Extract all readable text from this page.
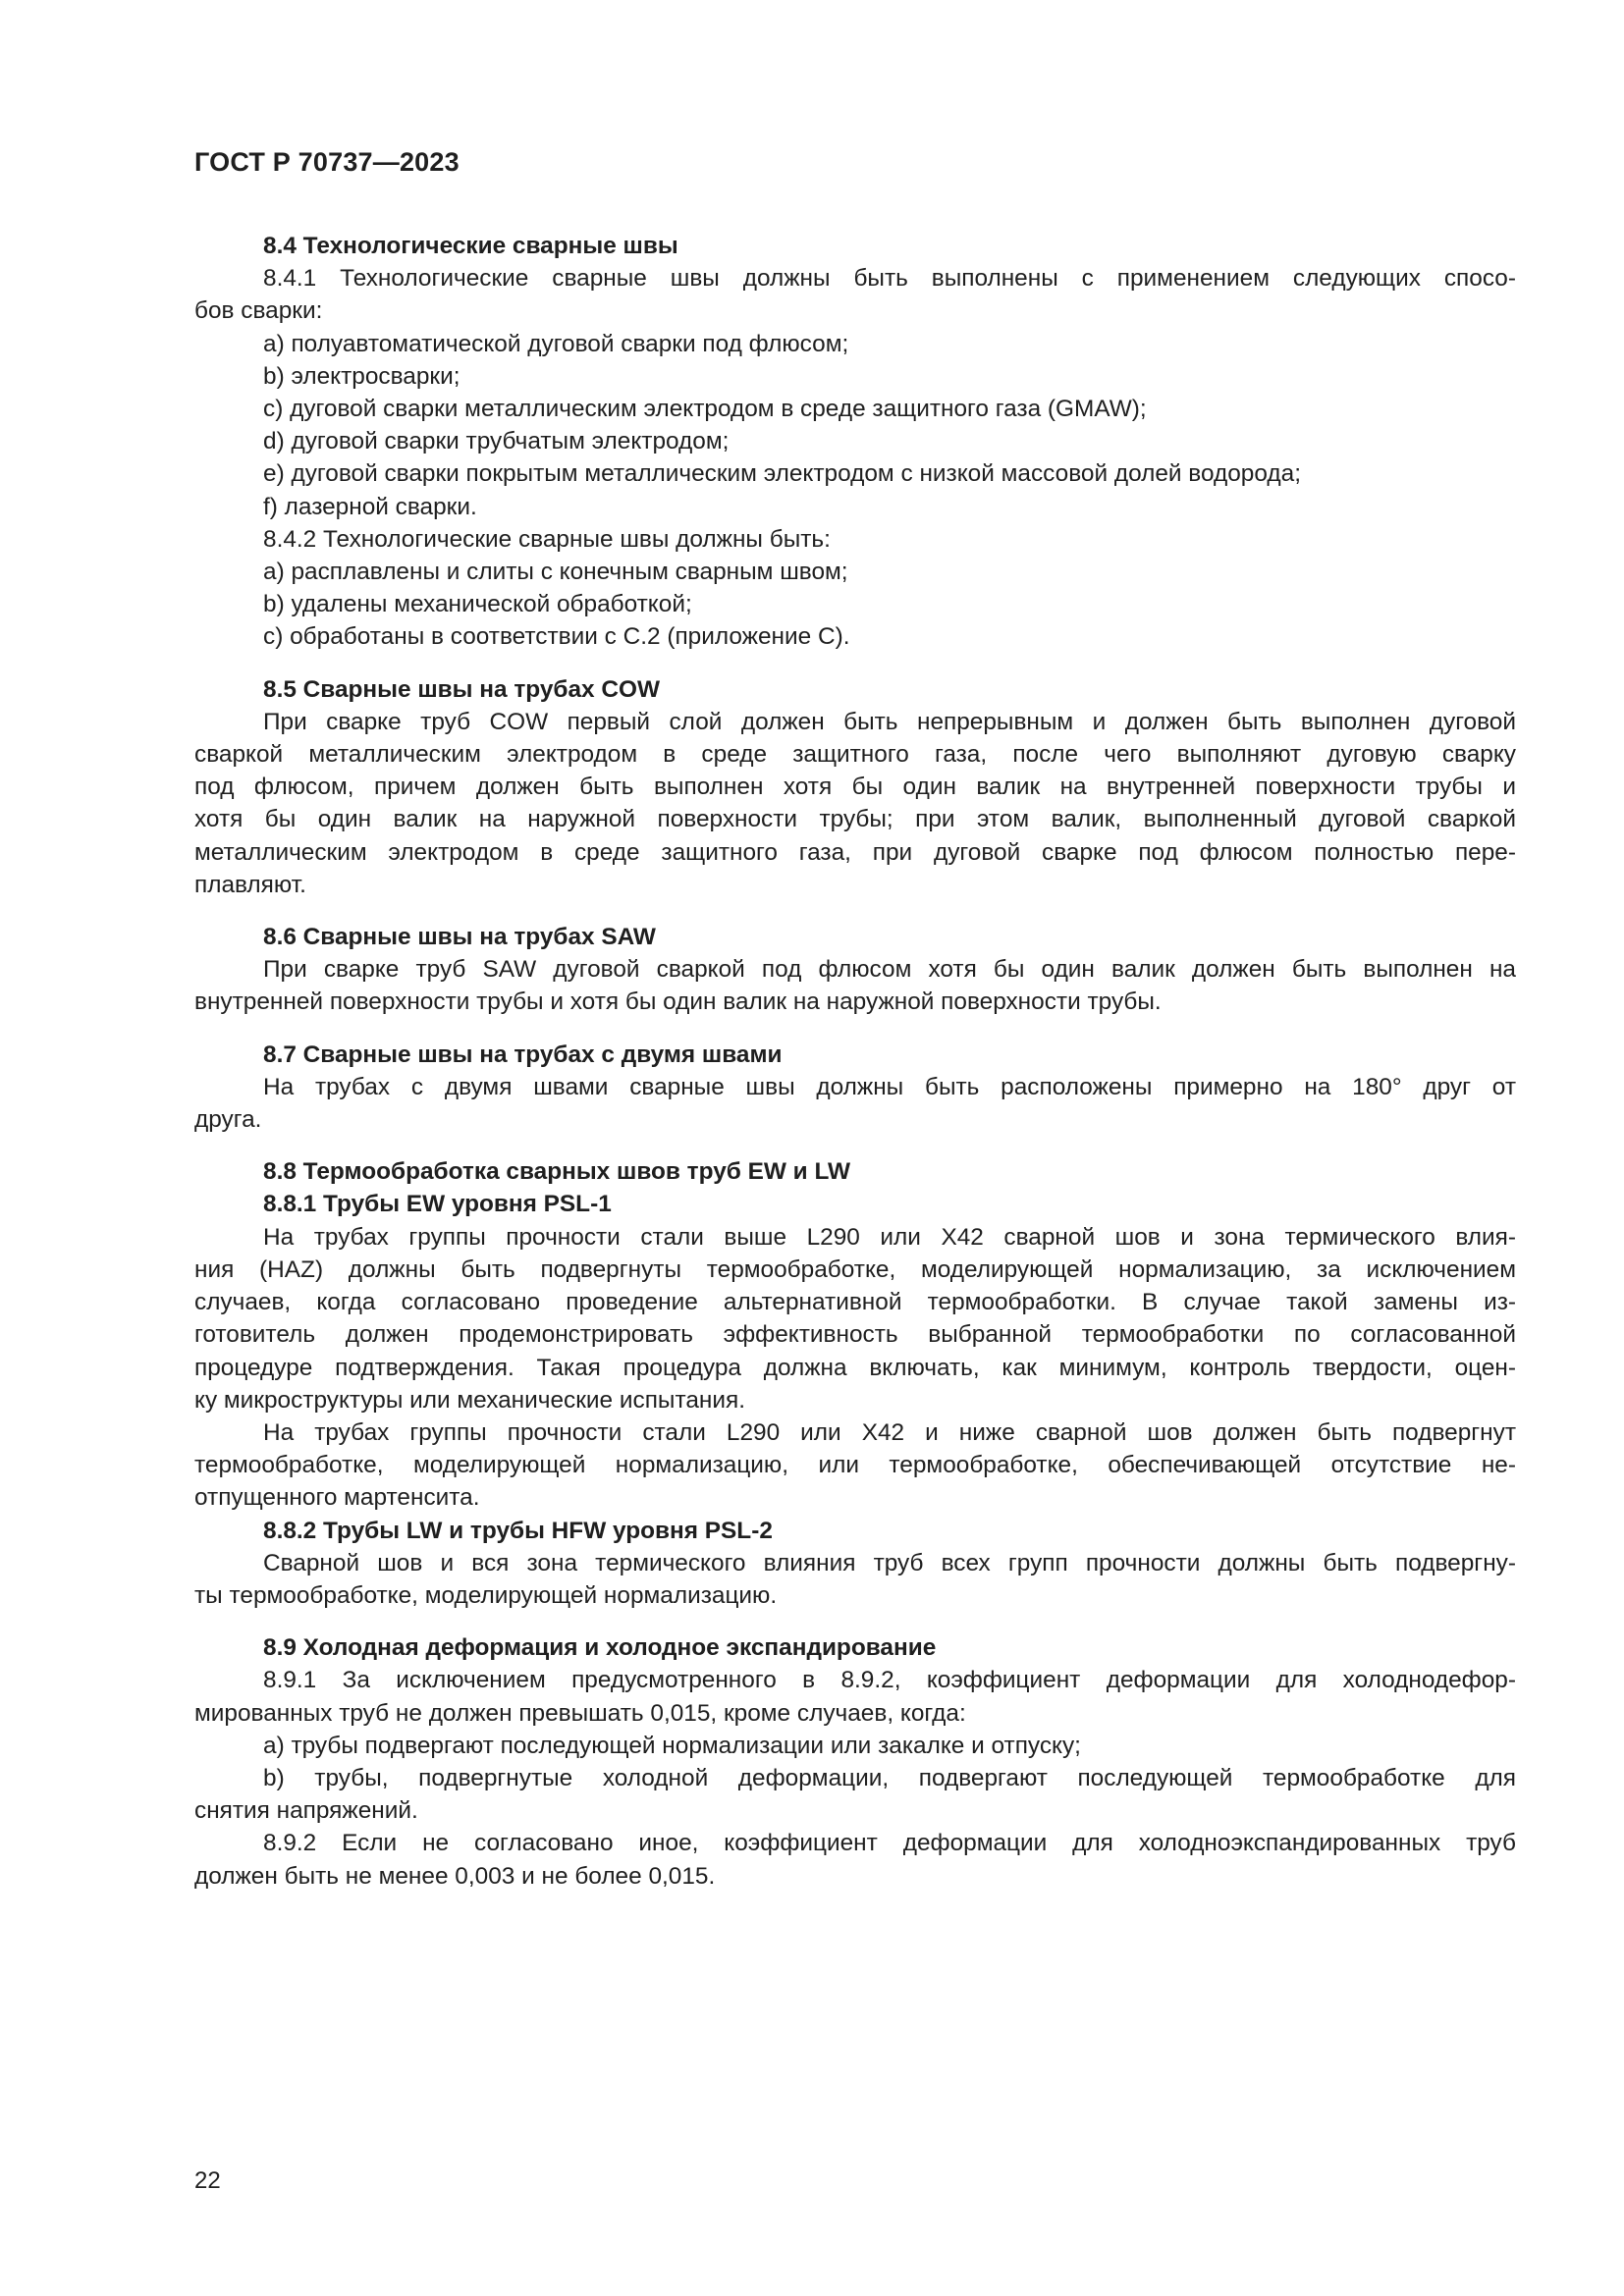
ГОСТ Р 70737—2023

8.4 Технологические сварные швы

8.4.1 Технологические сварные швы должны быть выполнены с применением следующих спосо-

бов сварки:

a) полуавтоматической дуговой сварки под флюсом;

b) электросварки;

c) дуговой сварки металлическим электродом в среде защитного газа (GMAW);

d) дуговой сварки трубчатым электродом;

e) дуговой сварки покрытым металлическим электродом с низкой массовой долей водорода;

f) лазерной сварки.

8.4.2 Технологические сварные швы должны быть:

a) расплавлены и слиты с конечным сварным швом;

b) удалены механической обработкой;

c) обработаны в соответствии с С.2 (приложение С).

8.5 Сварные швы на трубах COW

При сварке труб COW первый слой должен быть непрерывным и должен быть выполнен дуговой

сваркой металлическим электродом в среде защитного газа, после чего выполняют дуговую сварку

под флюсом, причем должен быть выполнен хотя бы один валик на внутренней поверхности трубы и

хотя бы один валик на наружной поверхности трубы; при этом валик, выполненный дуговой сваркой

металлическим электродом в среде защитного газа, при дуговой сварке под флюсом полностью пере-

плавляют.

8.6 Сварные швы на трубах SAW

При сварке труб SAW дуговой сваркой под флюсом хотя бы один валик должен быть выполнен на

внутренней поверхности трубы и хотя бы один валик на наружной поверхности трубы.

8.7 Сварные швы на трубах с двумя швами

На трубах с двумя швами сварные швы должны быть расположены примерно на 180° друг от

друга.

8.8 Термообработка сварных швов труб EW и LW

8.8.1 Трубы EW уровня PSL-1

На трубах группы прочности стали выше L290 или X42 сварной шов и зона термического влия-

ния (HAZ) должны быть подвергнуты термообработке, моделирующей нормализацию, за исключением

случаев, когда согласовано проведение альтернативной термообработки. В случае такой замены из-

готовитель должен продемонстрировать эффективность выбранной термообработки по согласованной

процедуре подтверждения. Такая процедура должна включать, как минимум, контроль твердости, оцен-

ку микроструктуры или механические испытания.

На трубах группы прочности стали L290 или X42 и ниже сварной шов должен быть подвергнут

термообработке, моделирующей нормализацию, или термообработке, обеспечивающей отсутствие не-

отпущенного мартенсита.

8.8.2 Трубы LW и трубы HFW уровня PSL-2

Сварной шов и вся зона термического влияния труб всех групп прочности должны быть подвергну-

ты термообработке, моделирующей нормализацию.

8.9 Холодная деформация и холодное экспандирование

8.9.1 За исключением предусмотренного в 8.9.2, коэффициент деформации для холоднодефор-

мированных труб не должен превышать 0,015, кроме случаев, когда:

a) трубы подвергают последующей нормализации или закалке и отпуску;

b) трубы, подвергнутые холодной деформации, подвергают последующей термообработке для

снятия напряжений.

8.9.2 Если не согласовано иное, коэффициент деформации для холодноэкспандированных труб

должен быть не менее 0,003 и не более 0,015.

22
